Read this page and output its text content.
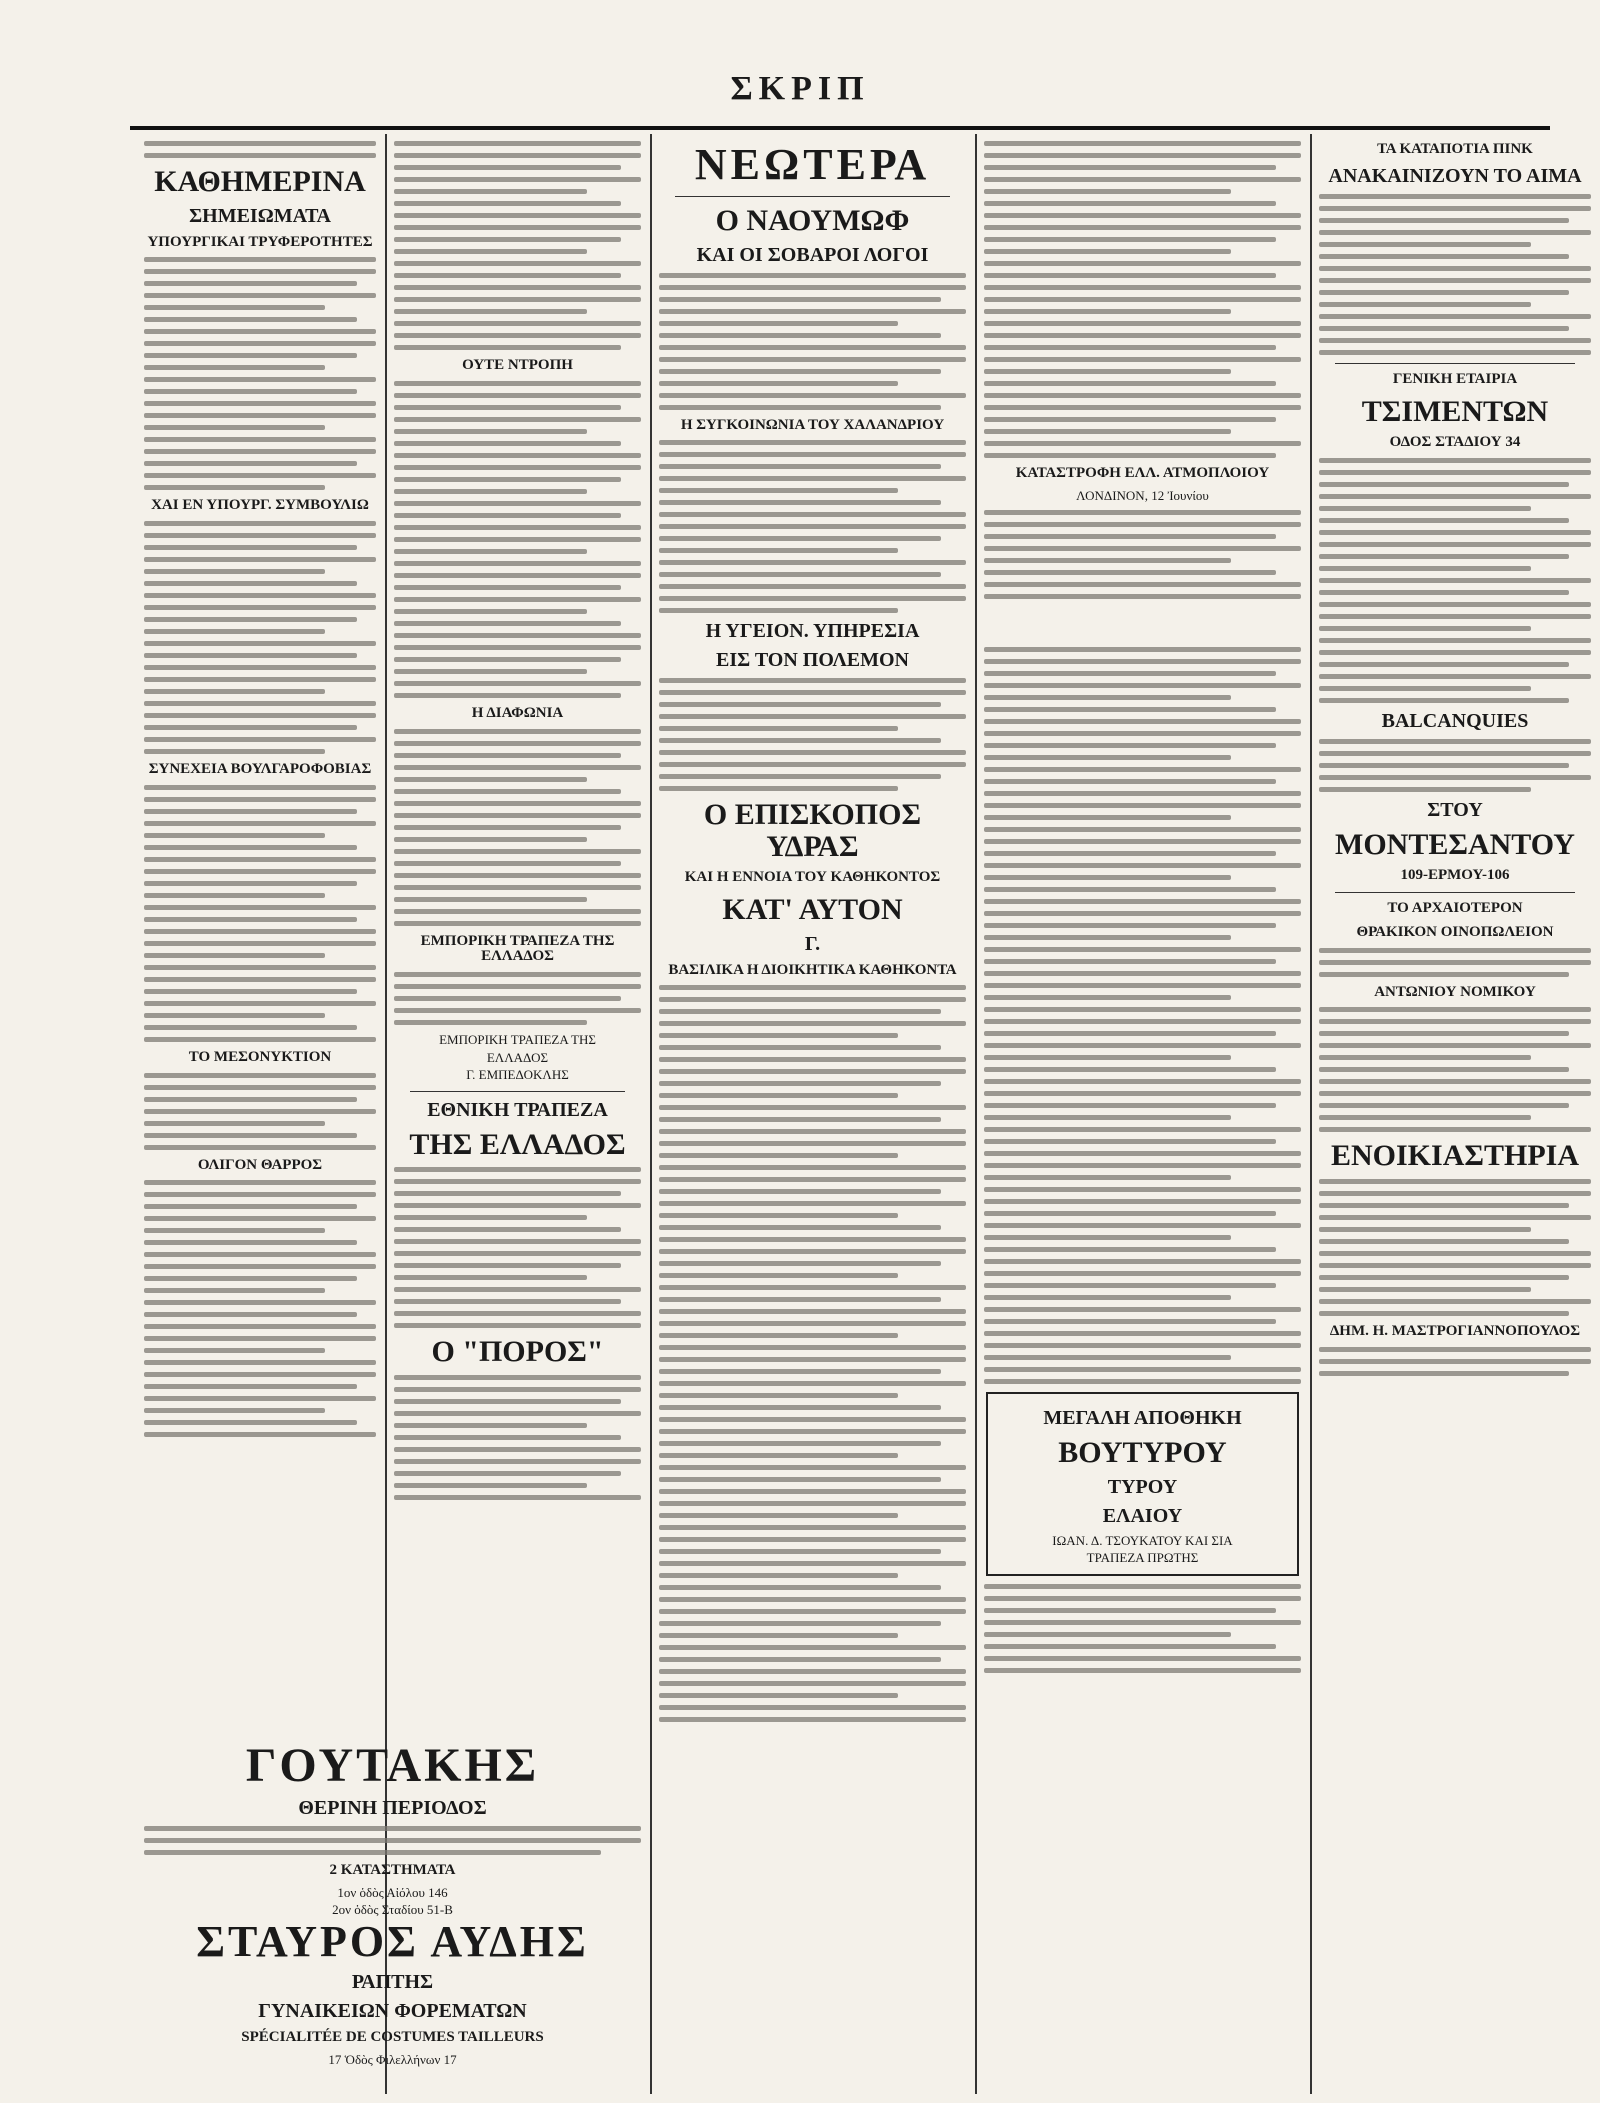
ΣΚΡΙΠ
ΚΑΘΗΜΕΡΙΝΑ
ΣΗΜΕΙΩΜΑΤΑ
ΥΠΟΥΡΓΙΚΑΙ ΤΡΥΦΕΡΟΤΗΤΕΣ
ΧΑΙ ΕΝ ΥΠΟΥΡΓ. ΣΥΜΒΟΥΛΙΩ
ΣΥΝΕΧΕΙΑ ΒΟΥΛΓΑΡΟΦΟΒΙΑΣ
ΤΟ ΜΕΣΟΝΥΚΤΙΟΝ
ΟΛΙΓΟΝ ΘΑΡΡΟΣ
ΟΥΤΕ ΝΤΡΟΠΗ
Η ΔΙΑΦΩΝΙΑ
ΕΜΠΟΡΙΚΗ ΤΡΑΠΕΖΑ ΤΗΣ ΕΛΛΑΔΟΣ
ΕΜΠΟΡΙΚΗ ΤΡΑΠΕΖΑ ΤΗΣ
ΕΛΛΑΔΟΣ
Γ. ΕΜΠΕΔΟΚΛΗΣ
ΕΘΝΙΚΗ ΤΡΑΠΕΖΑ
ΤΗΣ ΕΛΛΑΔΟΣ
Ο "ΠΟΡΟΣ"
ΝΕΩΤΕΡΑ
Ο ΝΑΟΥΜΩΦ
ΚΑΙ ΟΙ ΣΟΒΑΡΟΙ ΛΟΓΟΙ
Η ΣΥΓΚΟΙΝΩΝΙΑ ΤΟΥ ΧΑΛΑΝΔΡΙΟΥ
Η ΥΓΕΙΟΝ. ΥΠΗΡΕΣΙΑ
ΕΙΣ ΤΟΝ ΠΟΛΕΜΟΝ
Ο ΕΠΙΣΚΟΠΟΣ ΥΔΡΑΣ
ΚΑΙ Η ΕΝΝΟΙΑ ΤΟΥ ΚΑΘΗΚΟΝΤΟΣ
ΚΑΤ' ΑΥΤΟΝ
Γ.
ΒΑΣΙΛΙΚΑ Η ΔΙΟΙΚΗΤΙΚΑ ΚΑΘΗΚΟΝΤΑ
ΚΑΤΑΣΤΡΟΦΗ ΕΛΛ. ΑΤΜΟΠΛΟΙΟΥ
ΛΟΝΔΙΝΟΝ, 12 Ἰουνίου
ΜΕΓΑΛΗ ΑΠΟΘΗΚΗ
ΒΟΥΤΥΡΟΥ
ΤΥΡΟΥ
ΕΛΑΙΟΥ
ΙΩΑΝ. Δ. ΤΣΟΥΚΑΤΟΥ ΚΑΙ ΣΙΑ
ΤΡΑΠΕΖΑ ΠΡΩΤΗΣ
ΤΑ ΚΑΤΑΠΟΤΙΑ ΠΙΝΚ
ΑΝΑΚΑΙΝΙΖΟΥΝ ΤΟ ΑΙΜΑ
ΓΕΝΙΚΗ ΕΤΑΙΡΙΑ
ΤΣΙΜΕΝΤΩΝ
ΟΔΟΣ ΣΤΑΔΙΟΥ 34
BALCANQUIES
ΣΤΟΥ
ΜΟΝΤΕΣΑΝΤΟΥ
109-ΕΡΜΟΥ-106
ΤΟ ΑΡΧΑΙΟΤΕΡΟΝ
ΘΡΑΚΙΚΟΝ ΟΙΝΟΠΩΛΕΙΟΝ
ΑΝΤΩΝΙΟΥ ΝΟΜΙΚΟΥ
ΕΝΟΙΚΙΑΣΤΗΡΙΑ
ΔΗΜ. Η. ΜΑΣΤΡΟΓΙΑΝΝΟΠΟΥΛΟΣ
ΓΟΥΤΑΚΗΣ
ΘΕΡΙΝΗ ΠΕΡΙΟΔΟΣ
2 ΚΑΤΑΣΤΗΜΑΤΑ
1ον ὁδὸς Αἰόλου 146
2ον ὁδὸς Σταδίου 51-Β
ΣΤΑΥΡΟΣ ΑΥΔΗΣ
ΡΑΠΤΗΣ
ΓΥΝΑΙΚΕΙΩΝ ΦΟΡΕΜΑΤΩΝ
SPÉCIALITÉE DE COSTUMES TAILLEURS
17 Ὁδὸς Φιλελλήνων 17
